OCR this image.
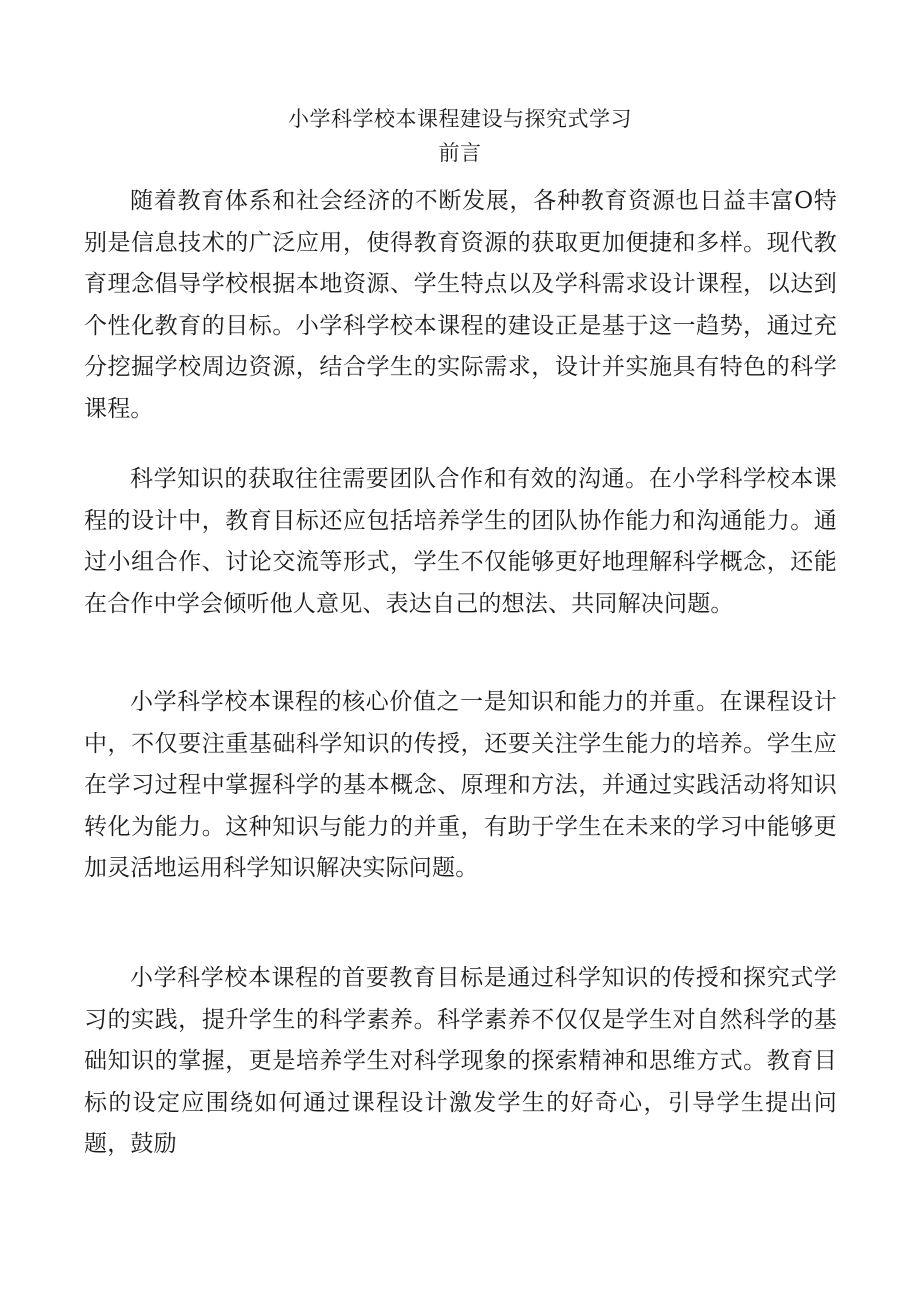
小学科学校本课程建设与探究式学习
前言

随着教育体系和社会经济的不断发展，各种教育资源也日益丰富O特别是信息技术的广泛应用，使得教育资源的获取更加便捷和多样。现代教育理念倡导学校根据本地资源、学生特点以及学科需求设计课程，以达到个性化教育的目标。小学科学校本课程的建设正是基于这一趋势，通过充分挖掘学校周边资源，结合学生的实际需求，设计并实施具有特色的科学课程。

科学知识的获取往往需要团队合作和有效的沟通。在小学科学校本课程的设计中，教育目标还应包括培养学生的团队协作能力和沟通能力。通过小组合作、讨论交流等形式，学生不仅能够更好地理解科学概念，还能在合作中学会倾听他人意见、表达自己的想法、共同解决问题。

小学科学校本课程的核心价值之一是知识和能力的并重。在课程设计中，不仅要注重基础科学知识的传授，还要关注学生能力的培养。学生应在学习过程中掌握科学的基本概念、原理和方法，并通过实践活动将知识转化为能力。这种知识与能力的并重，有助于学生在未来的学习中能够更加灵活地运用科学知识解决实际问题。

小学科学校本课程的首要教育目标是通过科学知识的传授和探究式学习的实践，提升学生的科学素养。科学素养不仅仅是学生对自然科学的基础知识的掌握，更是培养学生对科学现象的探索精神和思维方式。教育目标的设定应围绕如何通过课程设计激发学生的好奇心，引导学生提出问题，鼓励
